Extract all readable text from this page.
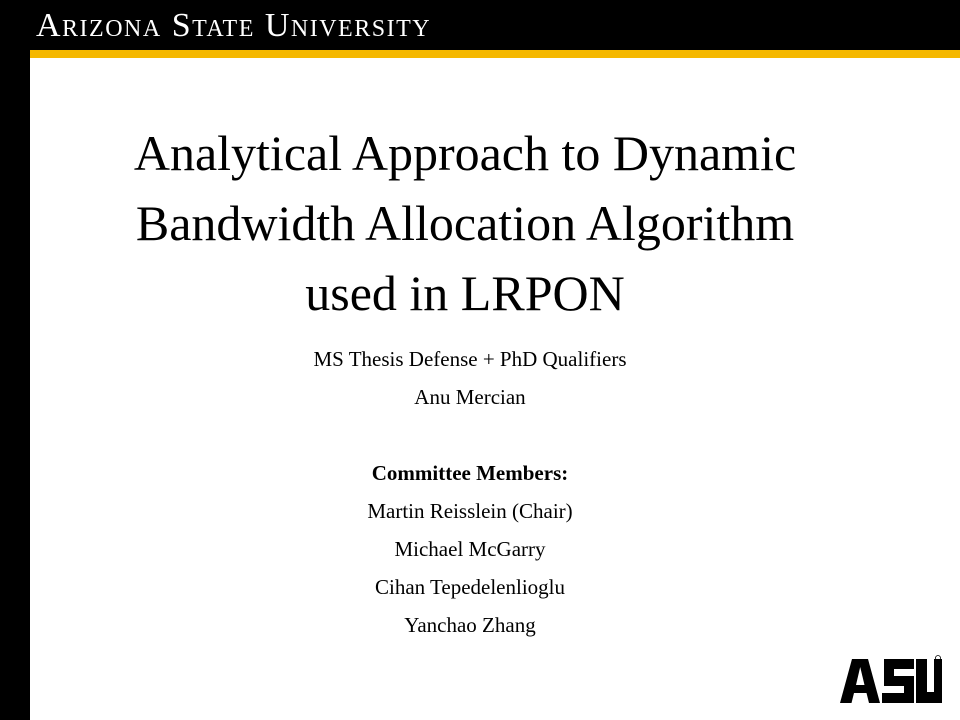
Arizona State University
Analytical Approach to Dynamic
Bandwidth Allocation Algorithm
used in LRPON
MS Thesis Defense + PhD Qualifiers
Anu Mercian
Committee Members:
Martin Reisslein (Chair)
Michael McGarry
Cihan Tepedelenlioglu
Yanchao Zhang
